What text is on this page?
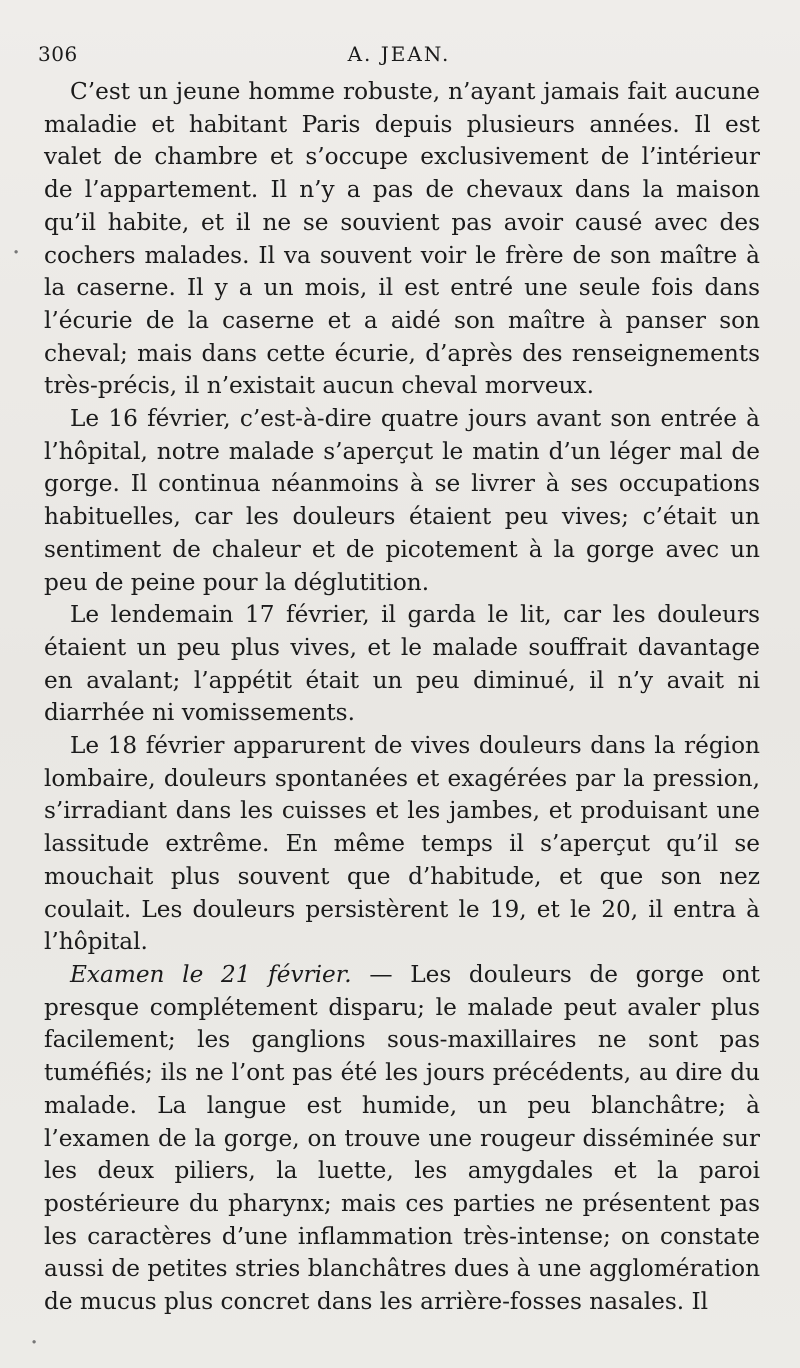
306	A. JEAN.

C’est un jeune homme robuste, n’ayant jamais fait aucune maladie et habitant Paris depuis plusieurs années. Il est valet de chambre et s’occupe exclusivement de l’intérieur de l’appartement. Il n’y a pas de chevaux dans la maison qu’il habite, et il ne se souvient pas avoir causé avec des cochers malades. Il va souvent voir le frère de son maître à la caserne. Il y a un mois, il est entré une seule fois dans l’écurie de la caserne et a aidé son maître à panser son cheval; mais dans cette écurie, d’après des renseignements très-précis, il n’existait aucun cheval morveux.

Le 16 février, c’est-à-dire quatre jours avant son entrée à l’hôpital, notre malade s’aperçut le matin d’un léger mal de gorge. Il continua néanmoins à se livrer à ses occupations habituelles, car les douleurs étaient peu vives; c’était un sentiment de chaleur et de picotement à la gorge avec un peu de peine pour la déglutition.

Le lendemain 17 février, il garda le lit, car les douleurs étaient un peu plus vives, et le malade souffrait davantage en avalant; l’appétit était un peu diminué, il n’y avait ni diarrhée ni vomissements.

Le 18 février apparurent de vives douleurs dans la région lombaire, douleurs spontanées et exagérées par la pression, s’irradiant dans les cuisses et les jambes, et produisant une lassitude extrême. En même temps il s’aperçut qu’il se mouchait plus souvent que d’habitude, et que son nez coulait. Les douleurs persistèrent le 19, et le 20, il entra à l’hôpital.

Examen le 21 février. — Les douleurs de gorge ont presque complétement disparu; le malade peut avaler plus facilement; les ganglions sous-maxillaires ne sont pas tuméfiés; ils ne l’ont pas été les jours précédents, au dire du malade. La langue est humide, un peu blanchâtre; à l’examen de la gorge, on trouve une rougeur disséminée sur les deux piliers, la luette, les amygdales et la paroi postérieure du pharynx; mais ces parties ne présentent pas les caractères d’une inflammation très-intense; on constate aussi de petites stries blanchâtres dues à une agglomération de mucus plus concret dans les arrière-fosses nasales. Il

·
·
